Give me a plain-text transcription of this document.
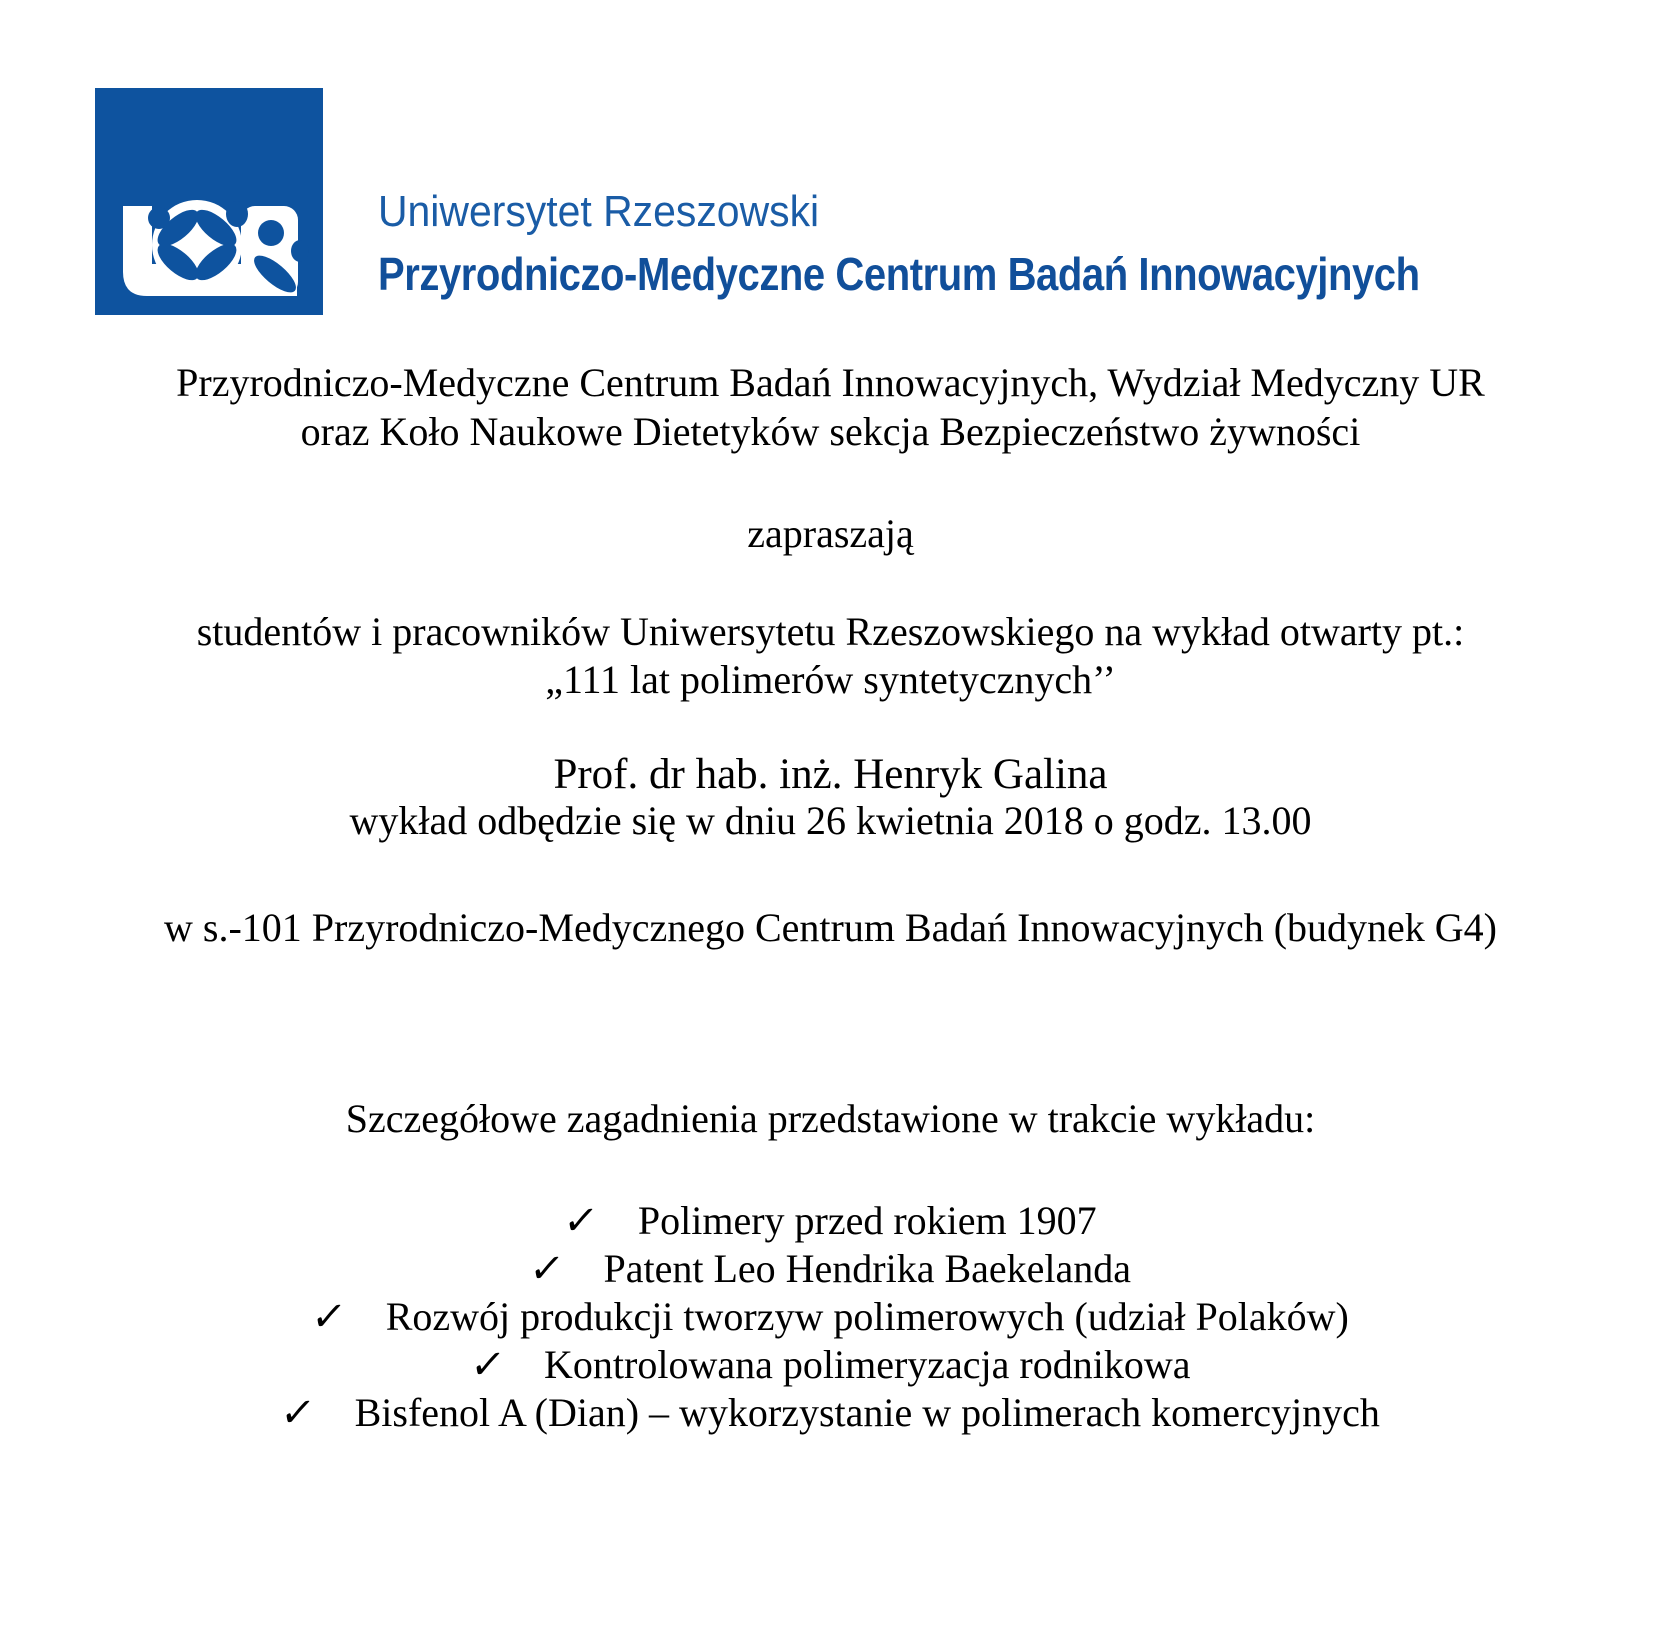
Uniwersytet Rzeszowski
Przyrodniczo-Medyczne Centrum Badań Innowacyjnych
Przyrodniczo-Medyczne Centrum Badań Innowacyjnych, Wydział Medyczny UR
oraz Koło Naukowe Dietetyków sekcja Bezpieczeństwo żywności
zapraszają
studentów i pracowników Uniwersytetu Rzeszowskiego na wykład otwarty pt.:
„111 lat polimerów syntetycznych’’
Prof. dr hab. inż. Henryk Galina
wykład odbędzie się w dniu 26 kwietnia 2018 o godz. 13.00
w s.-101 Przyrodniczo-Medycznego Centrum Badań Innowacyjnych (budynek G4)
Szczegółowe zagadnienia przedstawione w trakcie wykładu:
✓ Polimery przed rokiem 1907
✓ Patent Leo Hendrika Baekelanda
✓ Rozwój produkcji tworzyw polimerowych (udział Polaków)
✓ Kontrolowana polimeryzacja rodnikowa
✓ Bisfenol A (Dian) – wykorzystanie w polimerach komercyjnych
